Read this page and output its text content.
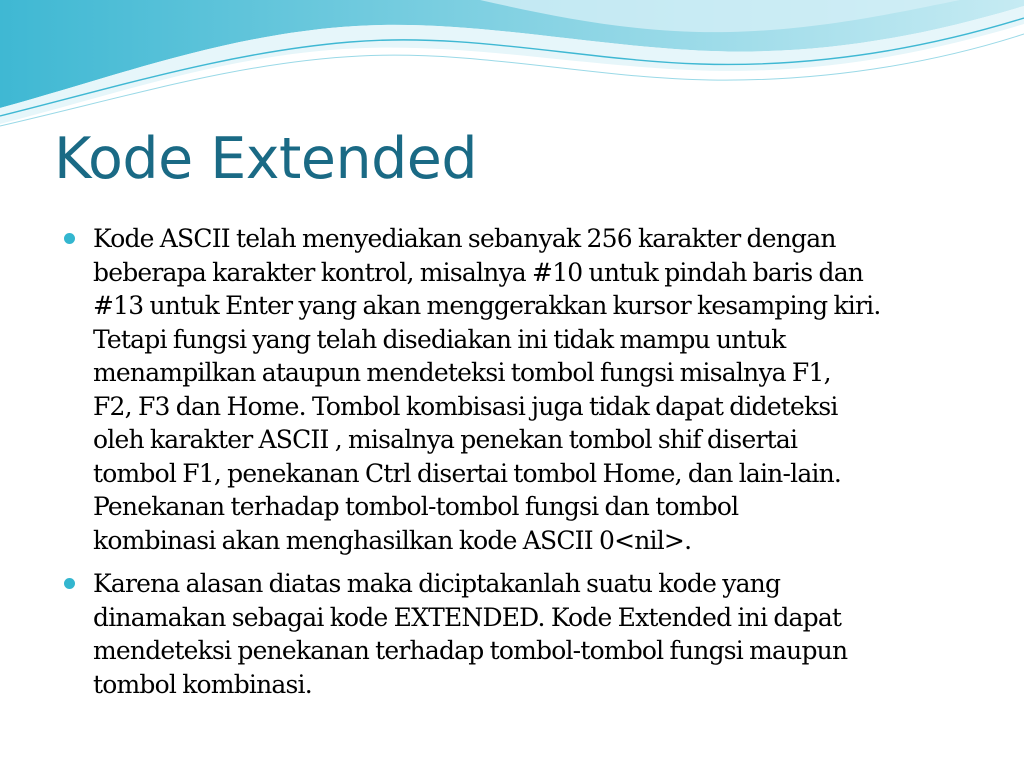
Kode Extended
Kode ASCII telah menyediakan sebanyak 256 karakter dengan
beberapa karakter kontrol, misalnya #10 untuk pindah baris dan
#13 untuk Enter yang akan menggerakkan kursor kesamping kiri.
Tetapi fungsi yang telah disediakan ini tidak mampu untuk
menampilkan ataupun mendeteksi tombol fungsi misalnya F1,
F2, F3 dan Home. Tombol kombisasi juga tidak dapat dideteksi
oleh karakter ASCII , misalnya penekan tombol shif disertai
tombol F1, penekanan Ctrl disertai tombol Home, dan lain-lain.
Penekanan terhadap tombol-tombol fungsi dan tombol
kombinasi akan menghasilkan kode ASCII 0<nil>.
Karena alasan diatas maka diciptakanlah suatu kode yang
dinamakan sebagai kode EXTENDED. Kode Extended ini dapat
mendeteksi penekanan terhadap tombol-tombol fungsi maupun
tombol kombinasi.
